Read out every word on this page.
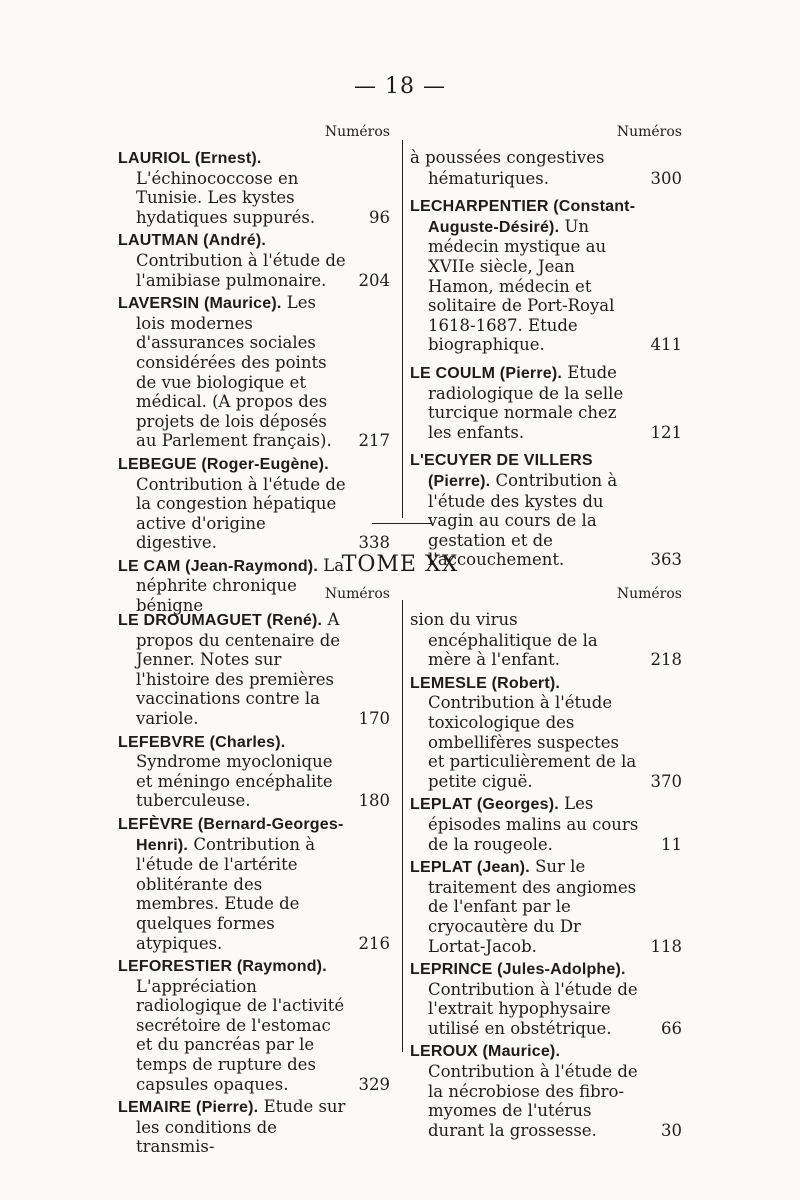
— 18 —
Numéros
LAURIOL (Ernest). L'échinococcose en Tunisie. Les kystes hydatiques suppurés.	96
LAUTMAN (André). Contribution à l'étude de l'amibiase pulmonaire. 204
LAVERSIN (Maurice). Les lois modernes d'assurances sociales considérées des points de vue biologique et médical. (A propos des projets de lois déposés au Parlement français). 217
LEBEGUE (Roger-Eugène). Contribution à l'étude de la congestion hépatique active d'origine digestive.	338
LE CAM (Jean-Raymond). La néphrite chronique bénigne
Numéros
à poussées congestives hématuriques.	300
LECHARPENTIER (Constant-Auguste-Désiré). Un médecin mystique au XVIIe siècle, Jean Hamon, médecin et solitaire de Port-Royal 1618-1687. Etude biographique.	411
LE COULM (Pierre). Etude radiologique de la selle turcique normale chez les enfants.	121
L'ECUYER DE VILLERS (Pierre). Contribution à l'étude des kystes du vagin au cours de la gestation et de l'accouchement.	363
TOME XX
Numéros
LE DROUMAGUET (René). A propos du centenaire de Jenner. Notes sur l'histoire des premières vaccinations contre la variole.	170
LEFEBVRE (Charles). Syndrome myoclonique et méningo encéphalite tuberculeuse.	180
LEFÈVRE (Bernard-Georges-Henri). Contribution à l'étude de l'artérite oblitérante des membres. Etude de quelques formes atypiques.	216
LEFORESTIER (Raymond). L'appréciation radiologique de l'activité secrétoire de l'estomac et du pancréas par le temps de rupture des capsules opaques.	329
LEMAIRE (Pierre). Etude sur les conditions de transmis-
Numéros
sion du virus encéphalitique de la mère à l'enfant.	218
LEMESLE (Robert). Contribution à l'étude toxicologique des ombellifères suspectes et particulièrement de la petite ciguë.	370
LEPLAT (Georges). Les épisodes malins au cours de la rougeole.	11
LEPLAT (Jean). Sur le traitement des angiomes de l'enfant par le cryocautère du Dr Lortat-Jacob.	118
LEPRINCE (Jules-Adolphe). Contribution à l'étude de l'extrait hypophysaire utilisé en obstétrique.	66
LEROUX (Maurice). Contribution à l'étude de la nécrobiose des fibro-myomes de l'utérus durant la grossesse.	30
